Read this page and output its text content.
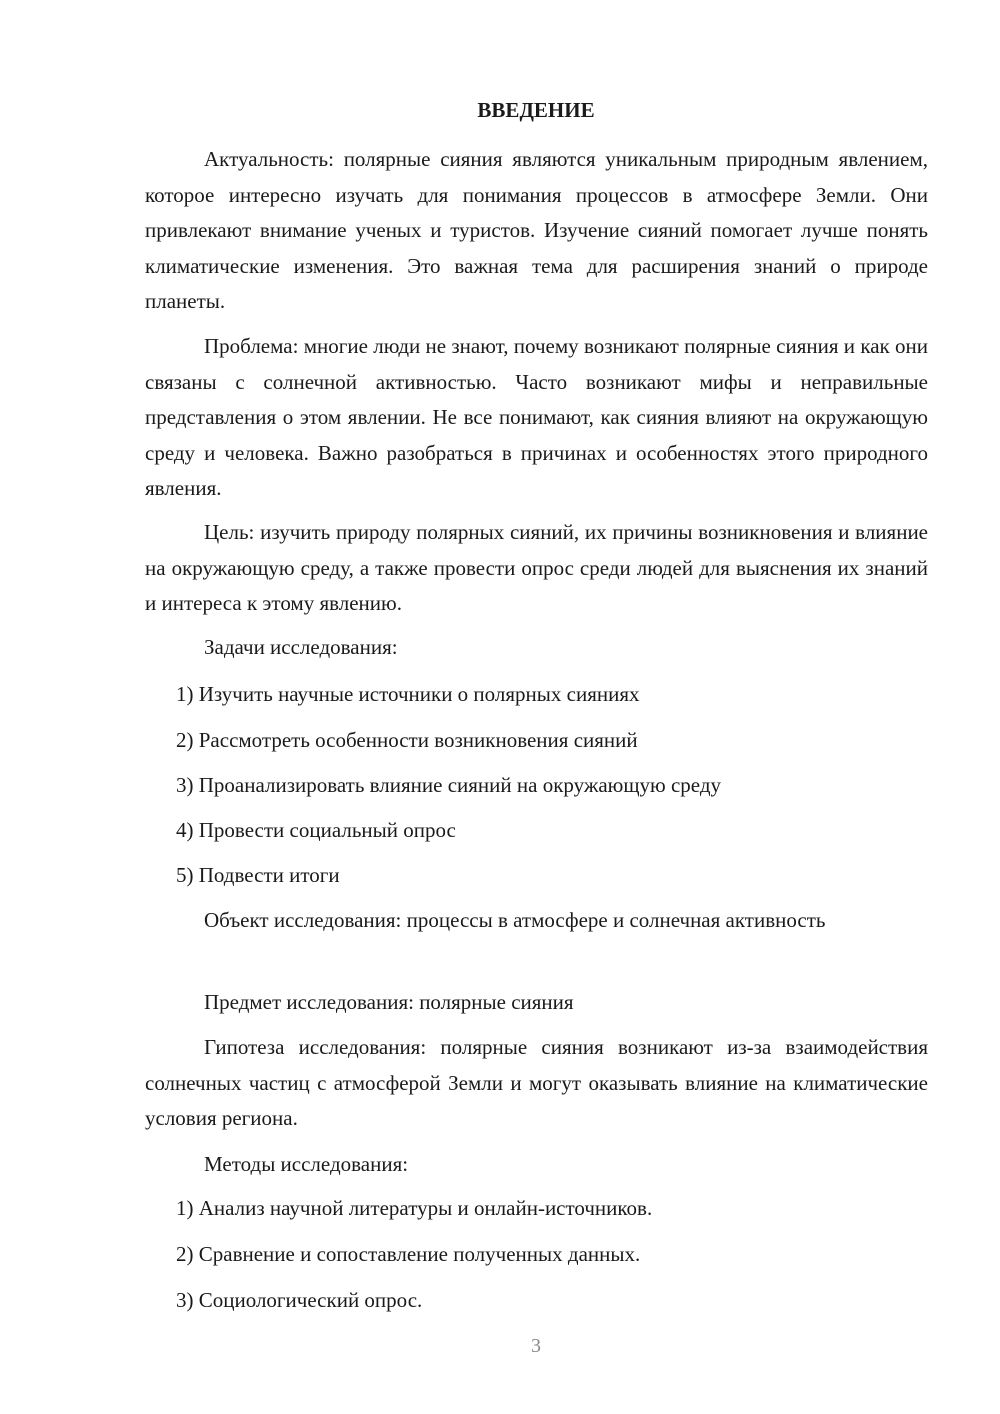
ВВЕДЕНИЕ
Актуальность: полярные сияния являются уникальным природным явлением, которое интересно изучать для понимания процессов в атмосфере Земли. Они привлекают внимание ученых и туристов. Изучение сияний помогает лучше понять климатические изменения. Это важная тема для расширения знаний о природе планеты.
Проблема: многие люди не знают, почему возникают полярные сияния и как они связаны с солнечной активностью. Часто возникают мифы и неправильные представления о этом явлении. Не все понимают, как сияния влияют на окружающую среду и человека. Важно разобраться в причинах и особенностях этого природного явления.
Цель: изучить природу полярных сияний, их причины возникновения и влияние на окружающую среду, а также провести опрос среди людей для выяснения их знаний и интереса к этому явлению.
Задачи исследования:
1) Изучить научные источники о полярных сияниях
2) Рассмотреть особенности возникновения сияний
3) Проанализировать влияние сияний на окружающую среду
4) Провести социальный опрос
5) Подвести итоги
Объект исследования: процессы в атмосфере и солнечная активность
Предмет исследования: полярные сияния
Гипотеза исследования: полярные сияния возникают из-за взаимодействия солнечных частиц с атмосферой Земли и могут оказывать влияние на климатические условия региона.
Методы исследования:
1) Анализ научной литературы и онлайн-источников.
2) Сравнение и сопоставление полученных данных.
3) Социологический опрос.
3
